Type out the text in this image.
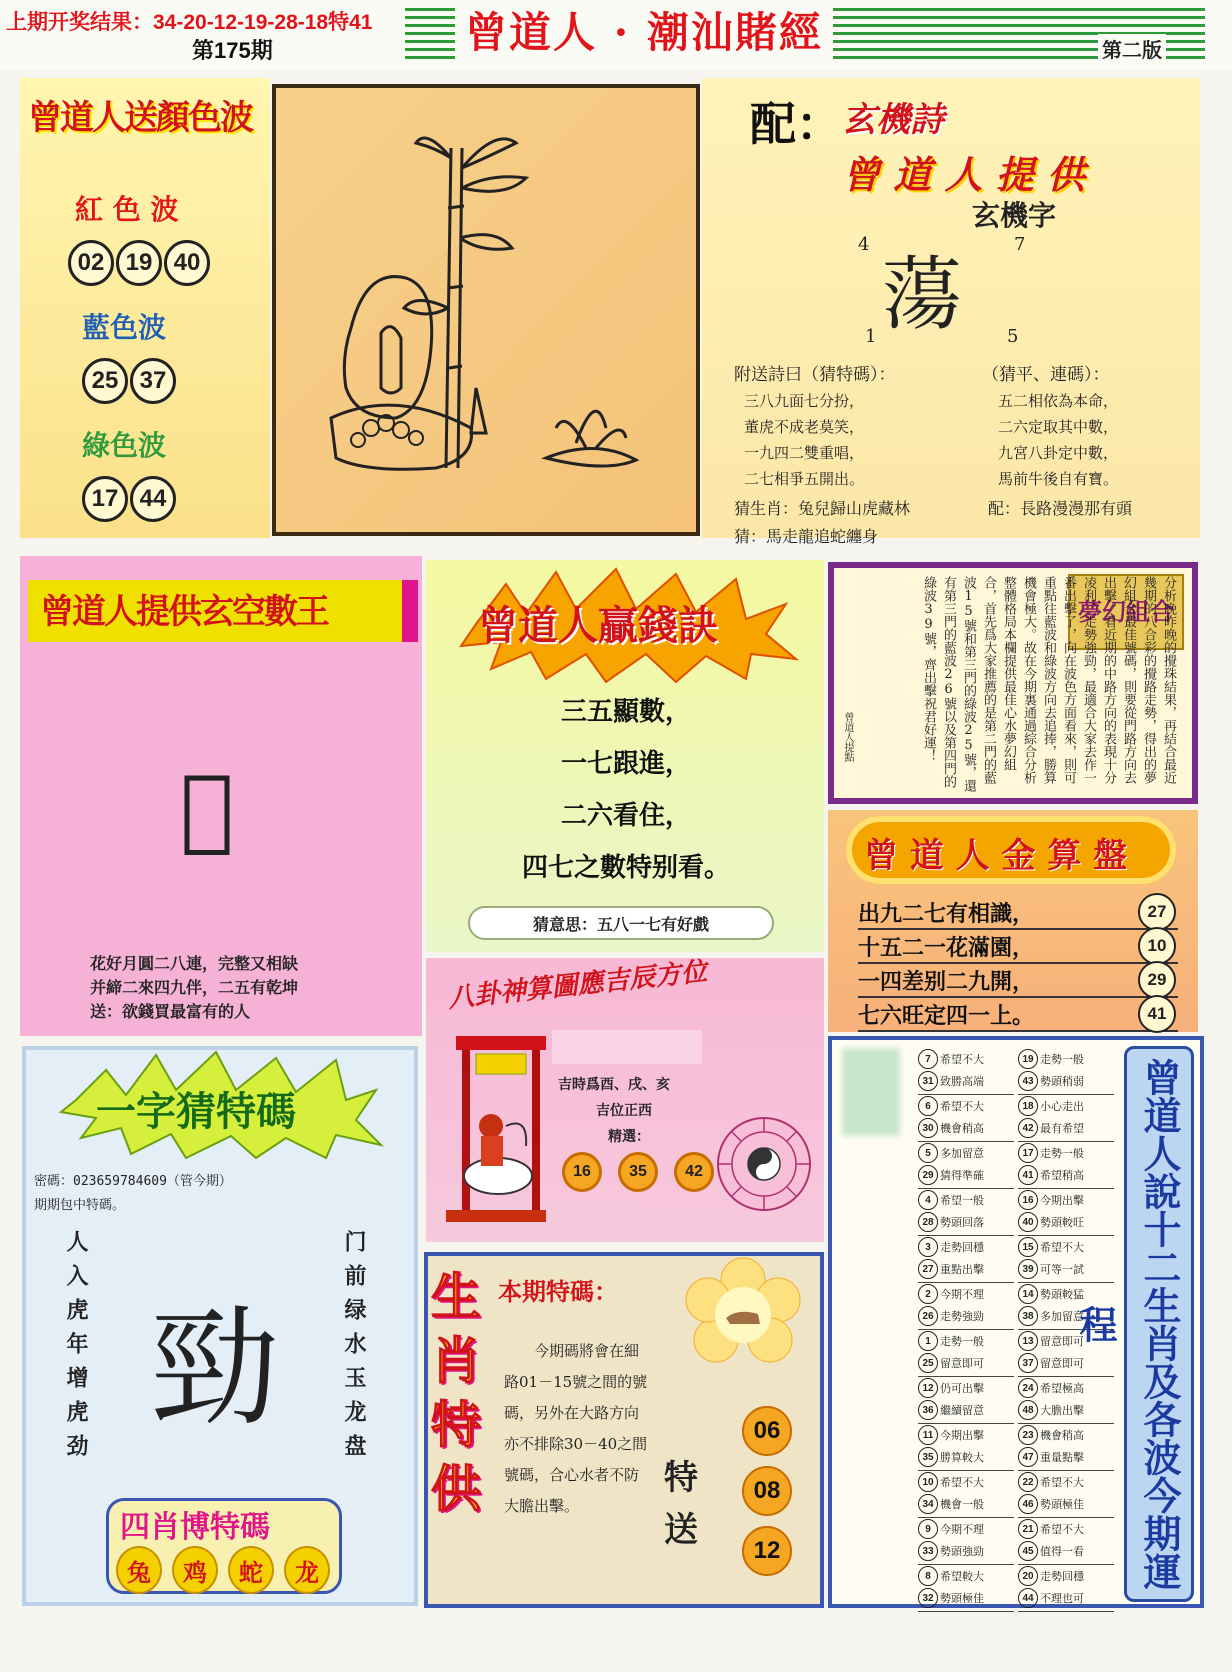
上期开奖结果：34-20-12-19-28-18特41
第175期	曾道人 · 潮汕賭經	第二版
曾道人送顏色波
紅 色 波
02 19 40
藍色波
25 37
綠色波
17 44
配： 玄機詩
曾 道 人 提 供
玄機字
4	7
蕩
1	5
附送詩曰（猜特碼）：	（猜平、連碼）：
三八九面七分扮，
董虎不成老莫笑，
一九四二雙重唱，
二七相爭五開出。
五二相依為本命，
二六定取其中數，
九宮八卦定中數，
馬前牛後自有寶。
猜生肖：兔兒歸山虎藏林	配：長路漫漫那有頭
猜：馬走龍追蛇纏身
曾道人提供玄空數王
𢐩
花好月圓二八連，完整又相缺
并締二來四九伴，二五有乾坤
送：欲錢買最富有的人
曾道人贏錢訣
三五顯數，
一七跟進，
二六看住，
四七之數特别看。
猜意思：五八一七有好戲
夢幻組合
分析晚昨晚的攪珠結果，再結合最近幾期的八合彩的攪路走勢，得出的夢幻組合最佳號碼，則要從門路方向去出擊，看近期的中路方向的表現十分凌利，走勢強勁，最適合大家去作一番出擊了，向在波色方面看來，則可重點往藍波和綠波方向去追捧，勝算機會極大。故在今期裏通過綜合分析整體格局本欄提供最佳心水夢幻組合，首先爲大家推薦的是第二門的藍波15號和第三門的綠波25號，還有第三門的藍波26號以及第四門的綠波39號，齊出擊祝君好運！
曾道人提點
曾 道 人 金 算 盤
出九二七有相識，	27
十五二一花滿園，	10
一四差别二九開，	29
七六旺定四一上。	41
八卦神算圖應吉辰方位
吉時爲酉、戌、亥
吉位正西
精選：
16 35 42
一字猜特碼
密碼：023659784609（管今期）
期期包中特碼。
人入虎年增虎劲 勁	门前绿水玉龙盘
四肖博特碼
兔 鸡 蛇 龙
生肖特供 本期特碼：
今期碼將會在細路01－15號之間的號碼，另外在大路方向亦不排除30－40之間號碼，合心水者不防大膽出擊。
特送
06
08
12
7 希望不大
31 致勝高端
6 希望不大
30 機會稍高
5 多加留意
29 猜得準確
4 希望一般
28 勢頭回落
3 走勢回穩
27 重點出擊
2 今期不理
26 走勢強勁
1 走勢一般
25 留意即可
12 仍可出擊
36 繼續留意
11 今期出擊
35 勝算較大
10 希望不大
34 機會一般
9 今期不理
33 勢頭強勁
8 希望較大
32 勢頭極佳
19 走勢一般
43 勢頭稍弱
18 小心走出
42 最有希望
17 走勢一般
41 希望稍高
16 今期出擊
40 勢頭較旺
15 希望不大
39 可等一試
14 勢頭較猛
38 多加留意
13 留意即可
37 留意即可
24 希望極高
48 大膽出擊
23 機會稍高
47 重量點擊
22 希望不大
46 勢頭極佳
21 希望不大
45 值得一看
20 走勢回穩
44 不理也可
曾道人說十二生肖及各波今期運程
